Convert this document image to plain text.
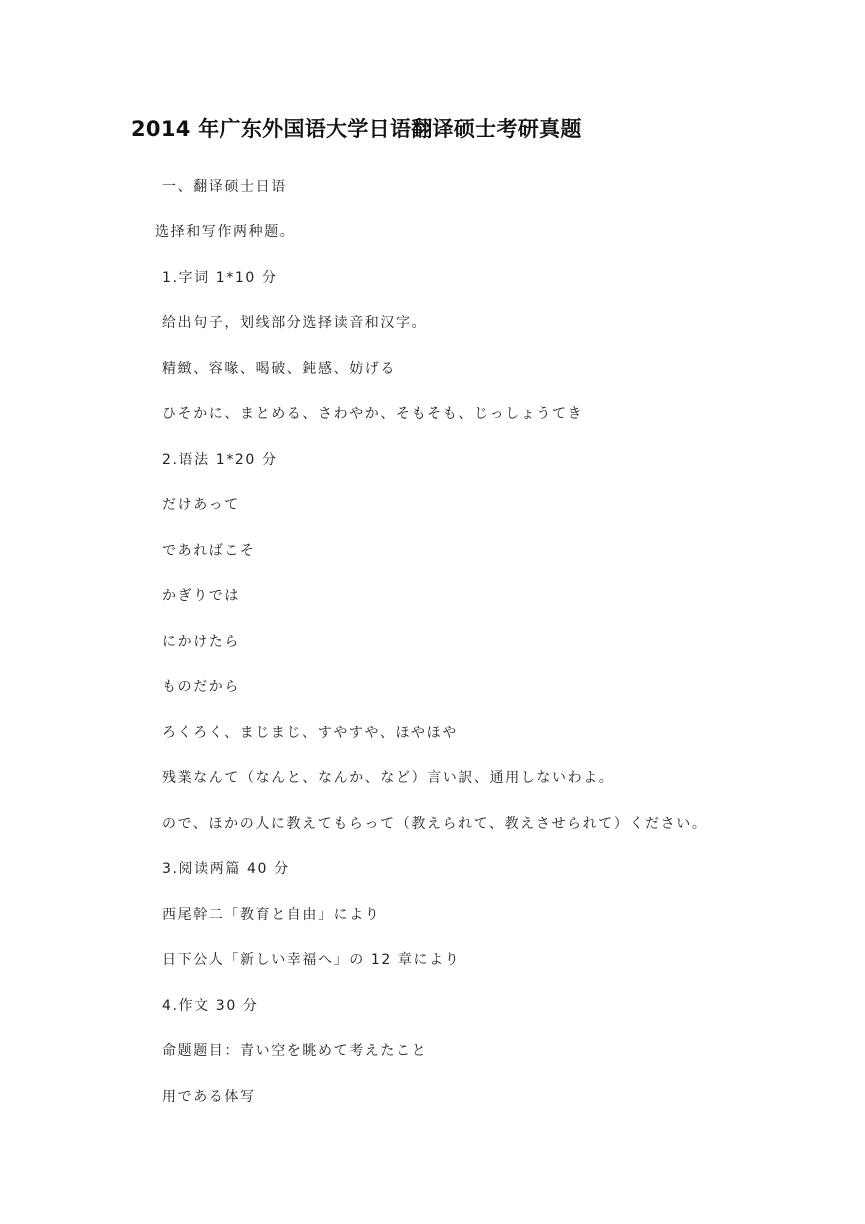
2014 年广东外国语大学日语翻译硕士考研真题
一、翻译硕士日语
选择和写作两种题。
1.字词 1*10 分
给出句子，划线部分选择读音和汉字。
精緻、容喙、喝破、鈍感、妨げる
ひそかに、まとめる、さわやか、そもそも、じっしょうてき
2.语法 1*20 分
だけあって
であればこそ
かぎりでは
にかけたら
ものだから
ろくろく、まじまじ、すやすや、ほやほや
残業なんて（なんと、なんか、など）言い訳、通用しないわよ。
ので、ほかの人に教えてもらって（教えられて、教えさせられて）ください。
3.阅读两篇 40 分
西尾幹二「教育と自由」により
日下公人「新しい幸福へ」の 12 章により
4.作文 30 分
命题题目：青い空を眺めて考えたこと
用である体写
